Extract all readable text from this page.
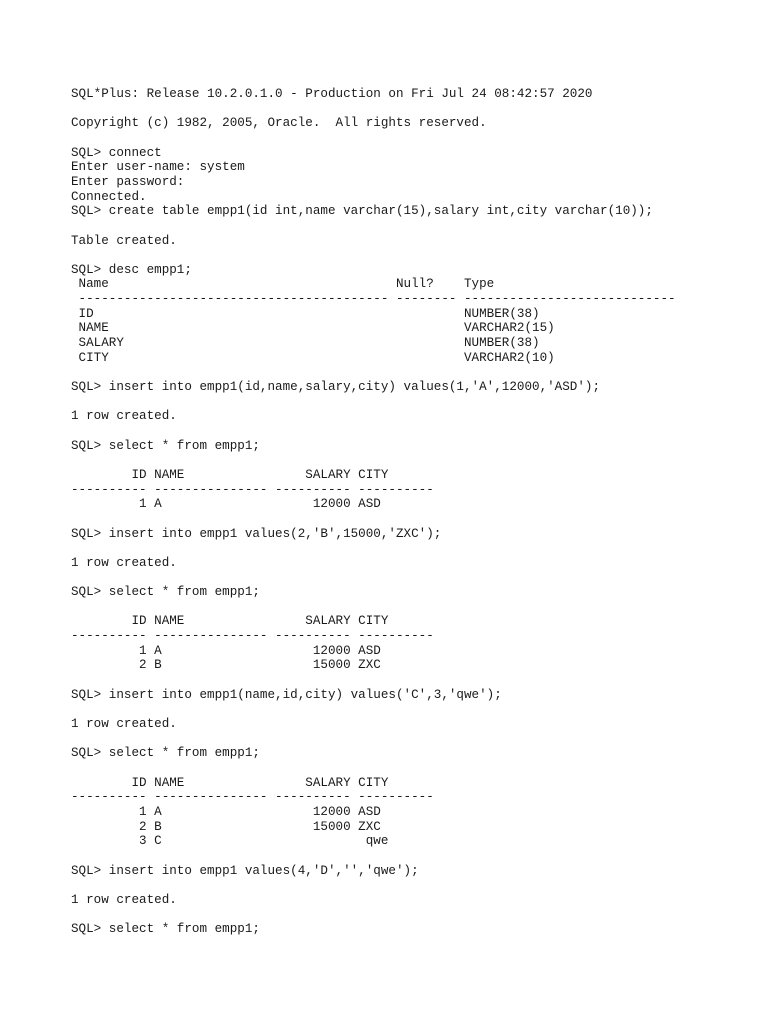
SQL*Plus: Release 10.2.0.1.0 - Production on Fri Jul 24 08:42:57 2020
Copyright (c) 1982, 2005, Oracle.  All rights reserved.
SQL> connect
Enter user-name: system
Enter password:
Connected.
SQL> create table empp1(id int,name varchar(15),salary int,city varchar(10));
Table created.
SQL> desc empp1;
Name                                      Null?    Type
----------------------------------------- -------- ----------------------------
ID                                                 NUMBER(38)
NAME                                               VARCHAR2(15)
SALARY                                             NUMBER(38)
CITY                                               VARCHAR2(10)
SQL> insert into empp1(id,name,salary,city) values(1,'A',12000,'ASD');
1 row created.
SQL> select * from empp1;
ID NAME                SALARY CITY
---------- --------------- ---------- ----------
1 A                    12000 ASD
SQL> insert into empp1 values(2,'B',15000,'ZXC');
1 row created.
SQL> select * from empp1;
ID NAME                SALARY CITY
---------- --------------- ---------- ----------
1 A                    12000 ASD
2 B                    15000 ZXC
SQL> insert into empp1(name,id,city) values('C',3,'qwe');
1 row created.
SQL> select * from empp1;
ID NAME                SALARY CITY
---------- --------------- ---------- ----------
1 A                    12000 ASD
2 B                    15000 ZXC
3 C                           qwe
SQL> insert into empp1 values(4,'D','','qwe');
1 row created.
SQL> select * from empp1;
